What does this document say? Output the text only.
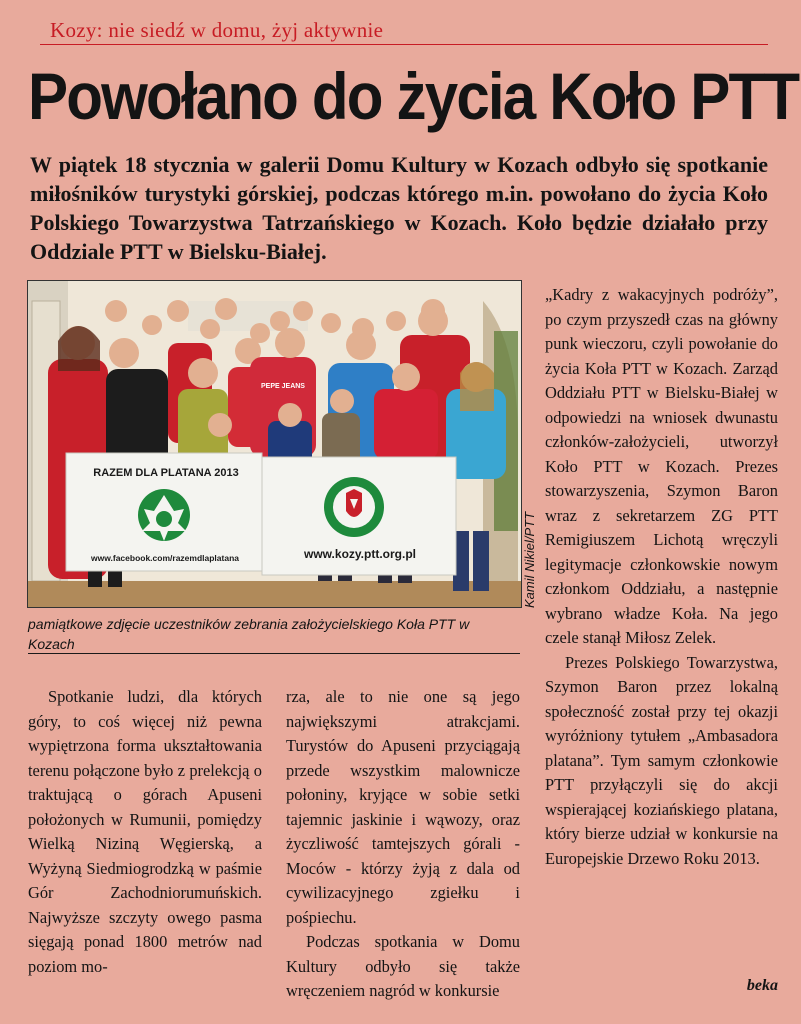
Kozy: nie siedź w domu, żyj aktywnie
Powołano do życia Koło PTT

W piątek 18 stycznia w galerii Domu Kultury w Kozach odbyło się spotkanie miłośników turystyki górskiej, podczas którego m.in. powołano do życia Koło Polskiego Towarzystwa Tatrzańskiego w Kozach. Koło będzie działało przy Oddziale PTT w Bielsku-Białej.

RAZEM DLA PLATANA 2013
www.facebook.com/razemdlaplatana	www.kozy.ptt.org.pl
PEPE JEANS
Kamil Nikiel/PTT

pamiątkowe zdjęcie uczestników zebrania założycielskiego Koła PTT w Kozach

Spotkanie ludzi, dla których góry, to coś więcej niż pewna wypiętrzona forma ukształtowania terenu połączone było z prelekcją o traktującą o górach Apuseni położonych w Rumunii, pomiędzy Wielką Niziną Węgierską, a Wyżyną Siedmiogrodzką w paśmie Gór Zachodniorumuńskich. Najwyższe szczyty owego pasma sięgają ponad 1800 metrów nad poziom mo-

rza, ale to nie one są jego największymi atrakcjami. Turystów do Apuseni przyciągają przede wszystkim malownicze połoniny, kryjące w sobie setki tajemnic jaskinie i wąwozy, oraz życzliwość tamtejszych górali - Moców - którzy żyją z dala od cywilizacyjnego zgiełku i pośpiechu.

Podczas spotkania w Domu Kultury odbyło się także wręczeniem nagród w konkursie

„Kadry z wakacyjnych podróży”, po czym przyszedł czas na główny punk wieczoru, czyli powołanie do życia Koła PTT w Kozach. Zarząd Oddziału PTT w Bielsku-Białej w odpowiedzi na wniosek dwunastu członków-założycieli, utworzył Koło PTT w Kozach. Prezes stowarzyszenia, Szymon Baron wraz z sekretarzem ZG PTT Remigiuszem Lichotą wręczyli legitymacje członkowskie nowym członkom Oddziału, a następnie wybrano władze Koła. Na jego czele stanął Miłosz Zelek.

Prezes Polskiego Towarzystwa, Szymon Baron przez lokalną społeczność został przy tej okazji wyróżniony tytułem „Ambasadora platana”. Tym samym członkowie PTT przyłączyli się do akcji wspierającej koziańskiego platana, który bierze udział w konkursie na Europejskie Drzewo Roku 2013.

beka
